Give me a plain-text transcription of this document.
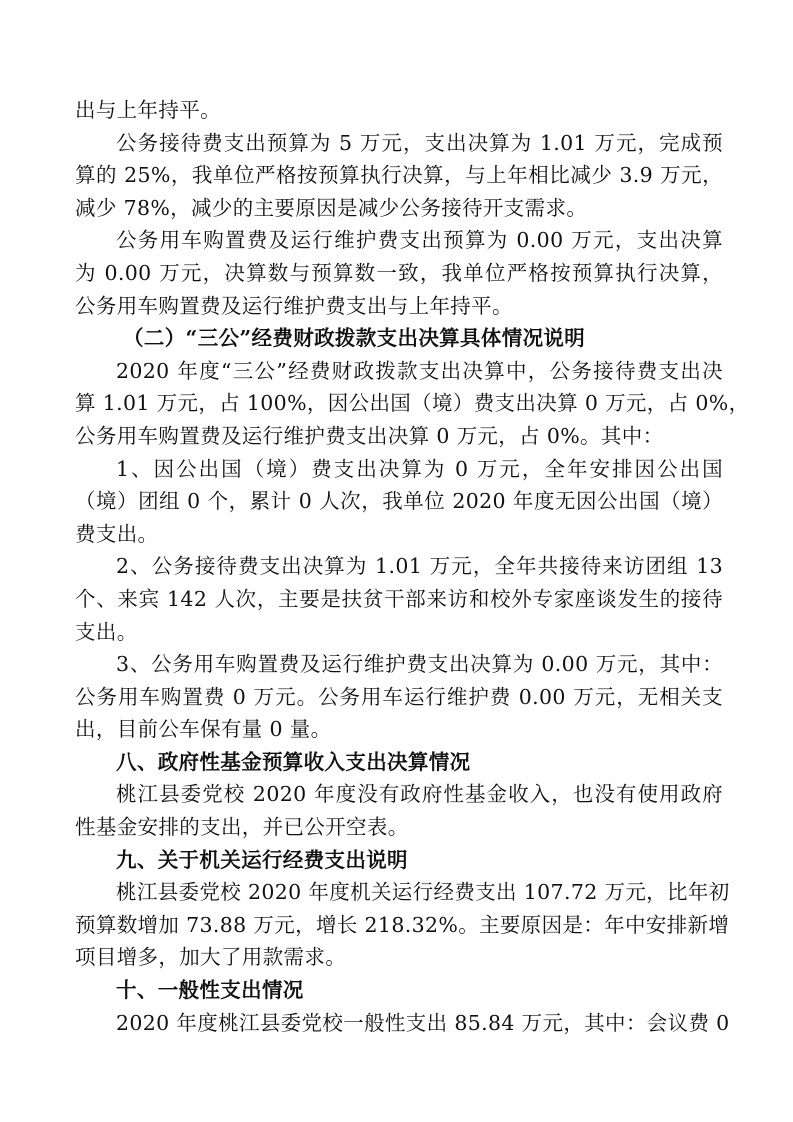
出与上年持平。
公务接待费支出预算为 5 万元，支出决算为 1.01 万元，完成预
算的 25%，我单位严格按预算执行决算，与上年相比减少 3.9 万元，
减少 78%，减少的主要原因是减少公务接待开支需求。
公务用车购置费及运行维护费支出预算为 0.00 万元，支出决算
为 0.00 万元，决算数与预算数一致，我单位严格按预算执行决算，
公务用车购置费及运行维护费支出与上年持平。
（二）“三公”经费财政拨款支出决算具体情况说明
2020 年度“三公”经费财政拨款支出决算中，公务接待费支出决
算 1.01 万元，占 100%，因公出国（境）费支出决算 0 万元，占 0%，
公务用车购置费及运行维护费支出决算 0 万元，占 0%。其中：
1、因公出国（境）费支出决算为 0 万元，全年安排因公出国
（境）团组 0 个，累计 0 人次，我单位 2020 年度无因公出国（境）
费支出。
2、公务接待费支出决算为 1.01 万元，全年共接待来访团组 13
个、来宾 142 人次，主要是扶贫干部来访和校外专家座谈发生的接待
支出。
3、公务用车购置费及运行维护费支出决算为 0.00 万元，其中：
公务用车购置费 0 万元。公务用车运行维护费 0.00 万元，无相关支
出，目前公车保有量 0 量。
八、政府性基金预算收入支出决算情况
桃江县委党校 2020 年度没有政府性基金收入，也没有使用政府
性基金安排的支出，并已公开空表。
九、关于机关运行经费支出说明
桃江县委党校 2020 年度机关运行经费支出 107.72 万元，比年初
预算数增加 73.88 万元，增长 218.32%。主要原因是：年中安排新增
项目增多，加大了用款需求。
十、一般性支出情况
2020 年度桃江县委党校一般性支出 85.84 万元，其中：会议费 0
